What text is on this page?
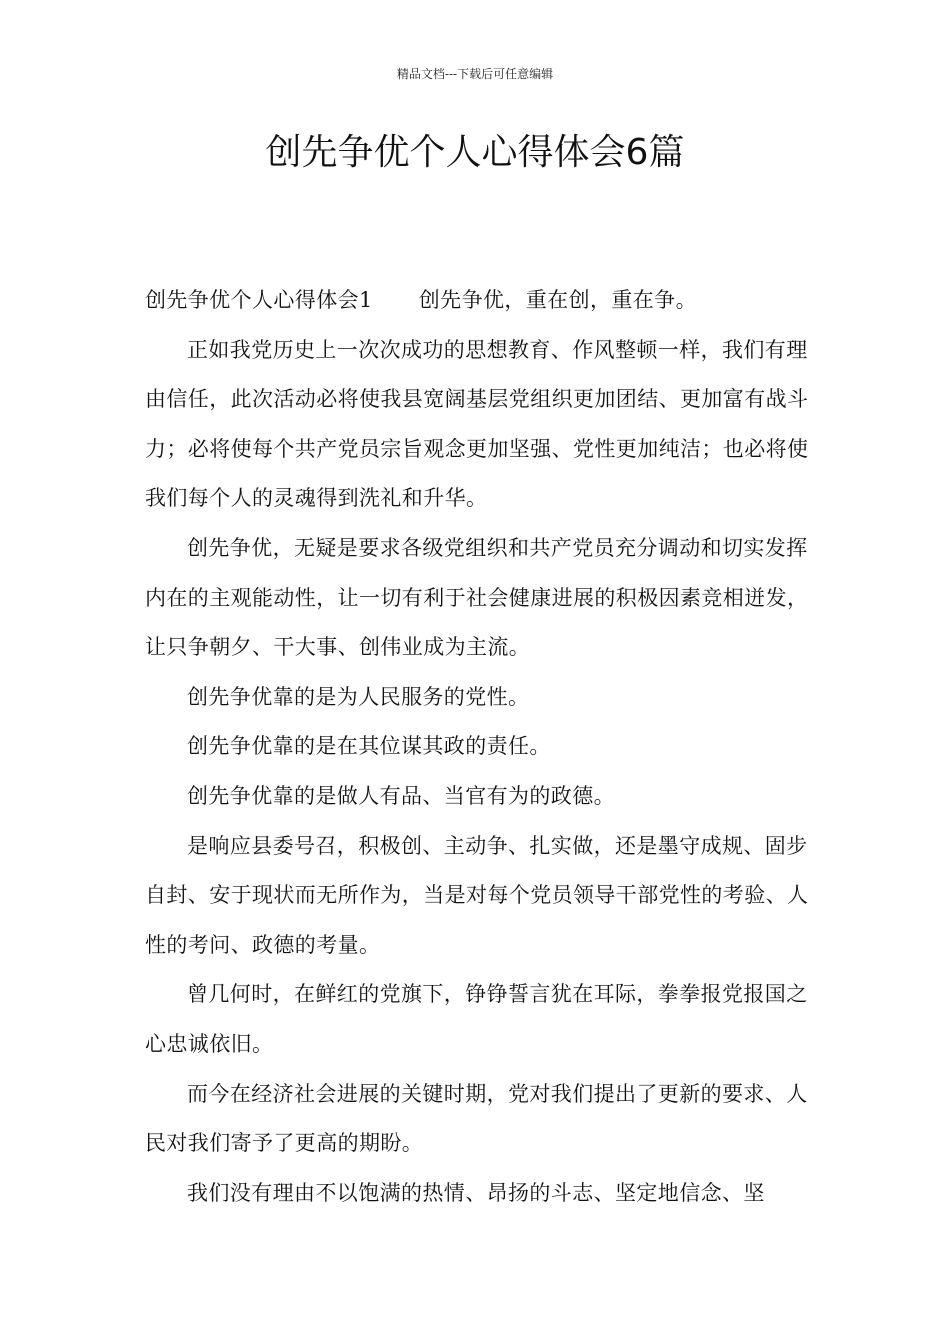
精品文档---下载后可任意编辑
创先争优个人心得体会6篇

创先争优个人心得体会1 创先争优，重在创，重在争。

正如我党历史上一次次成功的思想教育、作风整顿一样，我们有理由信任，此次活动必将使我县宽阔基层党组织更加团结、更加富有战斗力；必将使每个共产党员宗旨观念更加坚强、党性更加纯洁；也必将使我们每个人的灵魂得到洗礼和升华。

创先争优，无疑是要求各级党组织和共产党员充分调动和切实发挥内在的主观能动性，让一切有利于社会健康进展的积极因素竞相迸发，让只争朝夕、干大事、创伟业成为主流。

创先争优靠的是为人民服务的党性。

创先争优靠的是在其位谋其政的责任。

创先争优靠的是做人有品、当官有为的政德。

是响应县委号召，积极创、主动争、扎实做，还是墨守成规、固步自封、安于现状而无所作为，当是对每个党员领导干部党性的考验、人性的考问、政德的考量。

曾几何时，在鲜红的党旗下，铮铮誓言犹在耳际，拳拳报党报国之心忠诚依旧。

而今在经济社会进展的关键时期，党对我们提出了更新的要求、人民对我们寄予了更高的期盼。

我们没有理由不以饱满的热情、昂扬的斗志、坚定地信念、坚
